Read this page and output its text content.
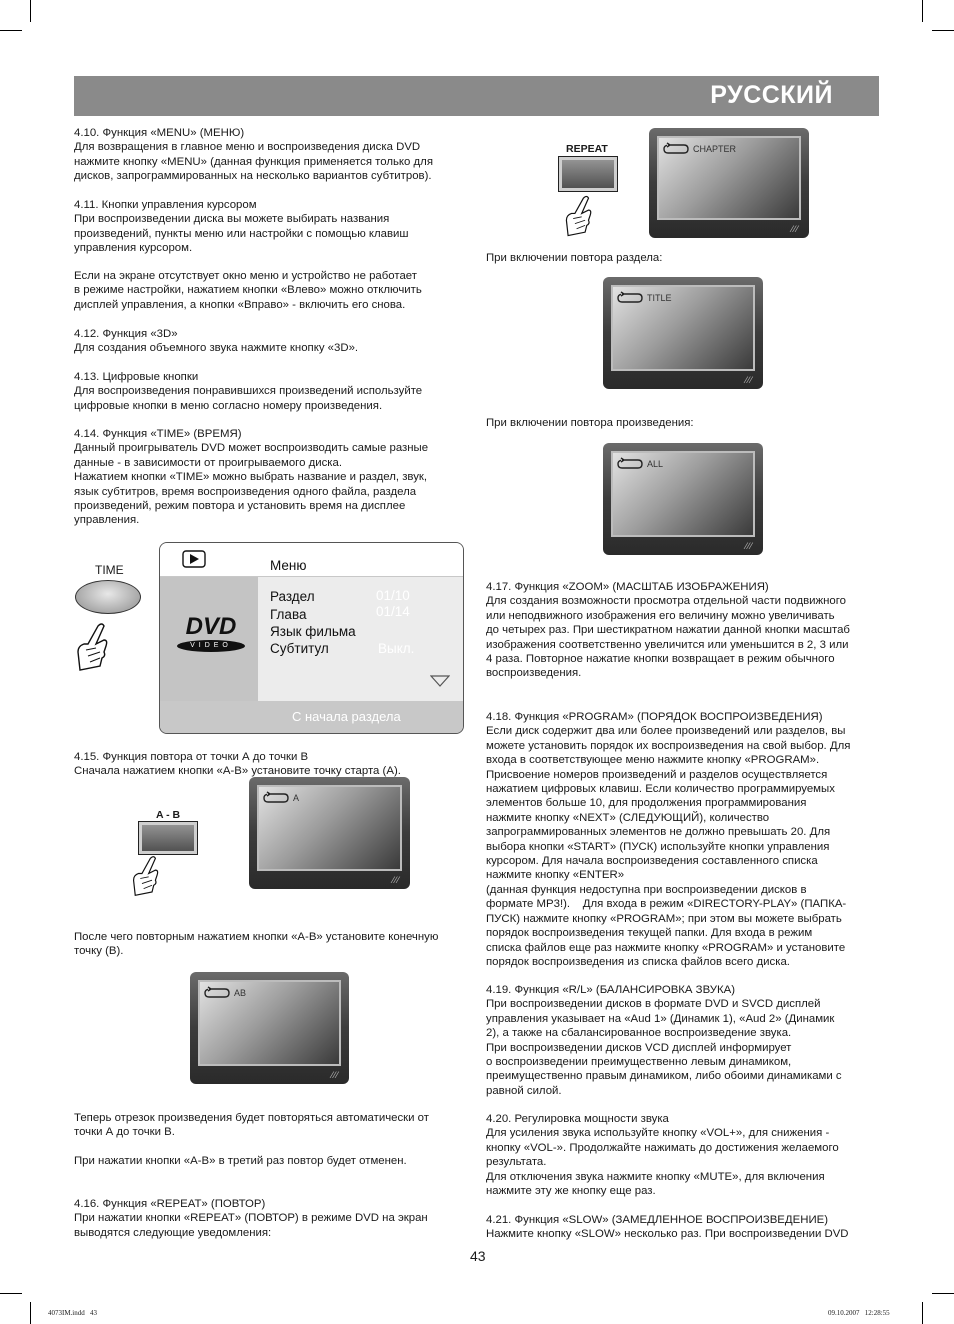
РУССКИЙ
4.10. Функция «MENU» (МЕНЮ)
Для возвращения в главное меню и воспроизведения диска DVD
нажмите кнопку «MENU» (данная функция применяется только для
дисков, запрограммированных на несколько вариантов субтитров).
4.11. Кнопки управления курсором
При воспроизведении диска вы можете выбирать названия
произведений, пункты меню или настройки с помощью клавиш
управления курсором.
Если на экране отсутствует окно меню и устройство не работает
в режиме настройки, нажатием кнопки «Влево» можно отключить
дисплей управления, а кнопки «Вправо» - включить его снова.
4.12. Функция «3D»
Для создания объемного звука нажмите кнопку «3D».
4.13. Цифровые кнопки
Для воспроизведения понравившихся произведений используйте
цифровые кнопки в меню согласно номеру произведения.
4.14. Функция «TIME» (ВРЕМЯ)
Данный проигрыватель DVD может воспроизводить самые разные
данные - в зависимости от проигрываемого диска.
Нажатием кнопки «TIME» можно выбрать название и раздел, звук,
язык субтитров, время воспроизведения одного файла, раздела
произведений, режим повтора и установить время на дисплее
управления.
TIME	Меню
DVD
VIDEO
Раздел	01/10
Глава	01/14
Язык фильма
Субтитул	Выкл.
С начала раздела
4.15. Функция повтора от точки А до точки В
Сначала нажатием кнопки «A-B» установите точку старта (А).
A - B
A
⁄⁄⁄
После чего повторным нажатием кнопки «A-B» установите конечную
точку (В).
AB
⁄⁄⁄
Теперь отрезок произведения будет повторяться автоматически от
точки А до точки В.
При нажатии кнопки «A-B» в третий раз повтор будет отменен.
4.16. Функция «REPEAT» (ПОВТОР)
При нажатии кнопки «REPEAT» (ПОВТОР) в режиме DVD на экран
выводятся следующие уведомления:
REPEAT	CHAPTER
⁄⁄⁄
При включении повтора раздела:
TITLE
⁄⁄⁄
При включении повтора произведения:
ALL
⁄⁄⁄
4.17. Функция «ZOOM» (МАСШТАБ ИЗОБРАЖЕНИЯ)
Для создания возможности просмотра отдельной части подвижного
или неподвижного изображения его величину можно увеличивать
до четырех раз. При шестикратном нажатии данной кнопки масштаб
изображения соответственно увеличится или уменьшится в 2, 3 или
4 раза. Повторное нажатие кнопки возвращает в режим обычного
воспроизведения.
4.18. Функция «PROGRAM» (ПОРЯДОК ВОСПРОИЗВЕДЕНИЯ)
Если диск содержит два или более произведений или разделов, вы
можете установить порядок их воспроизведения на свой выбор. Для
входа в соответствующее меню нажмите кнопку «PROGRAM».
Присвоение номеров произведений и разделов осуществляется
нажатием цифровых клавиш. Если количество программируемых
элементов больше 10, для продолжения программирования
нажмите кнопку «NEXT» (СЛЕДУЮЩИЙ), количество
запрограммированных элементов не должно превышать 20. Для
выбора кнопки «START» (ПУСК) используйте кнопки управления
курсором. Для начала воспроизведения составленного списка
нажмите кнопку «ENTER»
(данная функция недоступна при воспроизведении дисков в
формате MP3!).    Для входа в режим «DIRECTORY-PLAY» (ПАПКА-
ПУСК) нажмите кнопку «PROGRAM»; при этом вы можете выбрать
порядок воспроизведения текущей папки. Для входа в режим
списка файлов еще раз нажмите кнопку «PROGRAM» и установите
порядок воспроизведения из списка файлов всего диска.
4.19. Функция «R/L» (БАЛАНСИРОВКА ЗВУКА)
При воспроизведении дисков в формате DVD и SVCD дисплей
управления указывает на «Aud 1» (Динамик 1), «Aud 2» (Динамик
2), а также на сбалансированное воспроизведение звука.
При воспроизведении дисков VCD дисплей информирует
о воспроизведении преимущественно левым динамиком,
преимущественно правым динамиком, либо обоими динамиками с
равной силой.
4.20. Регулировка мощности звука
Для усиления звука используйте кнопку «VOL+», для снижения -
кнопку «VOL-». Продолжайте нажимать до достижения желаемого
результата.
Для отключения звука нажмите кнопку «MUTE», для включения
нажмите эту же кнопку еще раз.
4.21. Функция «SLOW» (ЗАМЕДЛЕННОЕ ВОСПРОИЗВЕДЕНИЕ)
Нажмите кнопку «SLOW» несколько раз. При воспроизведении DVD
43
4073IM.indd   43	09.10.2007   12:28:55
